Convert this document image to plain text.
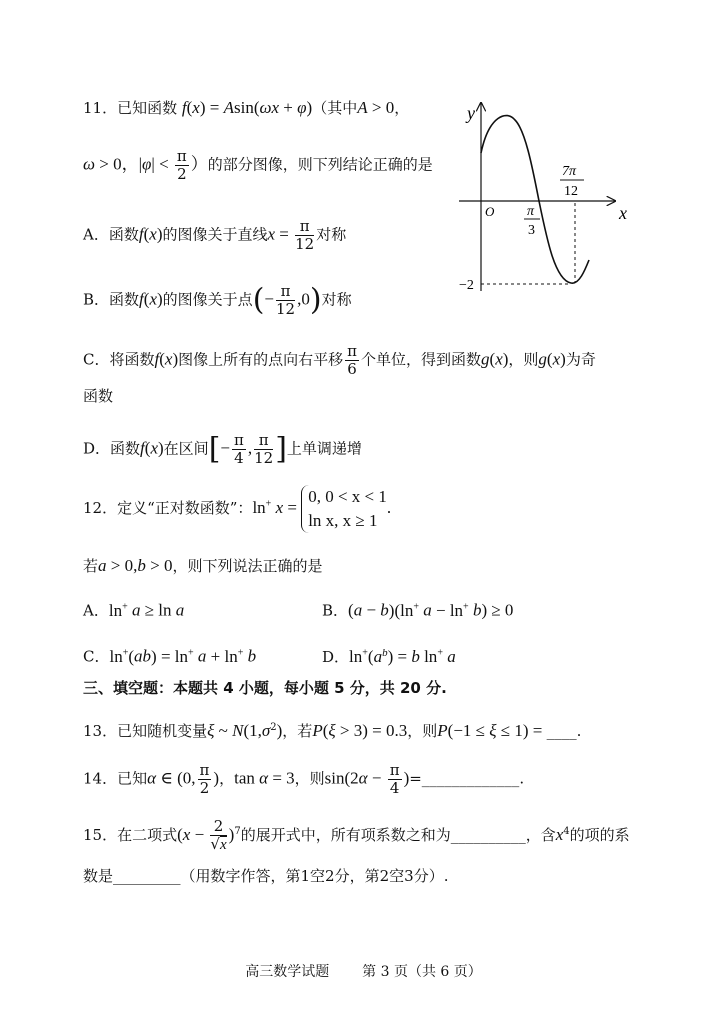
11．已知函数 f(x) = Asin(ωx + φ)（其中A > 0，
ω > 0，$|\varphi| < \frac{\pi}{2}$ ）的部分图像，则下列结论正确的是
A．函数f(x)的图像关于直线$x = \frac{\pi}{12}$ 对称
B．函数f(x)的图像关于点(− $\frac{\pi}{12} ,0$)对称
C．将函数f(x)图像上所有的点向右平移 $\frac{\pi}{6}$ 个单位，得到函数g(x)，则g(x)为奇
函数
D．函数f(x)在区间[− $\frac{\pi}{4}$ , $\frac{\pi}{12}$ ]上单调递增
y
x
O π
3
7π
12
−2
12．定义“正对数函数”：ln+ x =
0, 0 < x < 1
ln x, x ≥ 1
.
若a > 0,b > 0，则下列说法正确的是
A．ln+ a ≥ ln a	B．(a − b)(ln+ a − ln+ b) ≥ 0
C．ln+(ab) = ln+ a + ln+ b	D．$\ln^+(a^b) = b$ ln+ a
三、填空题：本题共 4 小题，每小题 5 分，共 20 分.
13．已知随机变量ξ ~ $N(1,\sigma^2)$，若P(ξ > 3) = 0.3，则P(−1 ≤ ξ ≤ 1) = ____.
14．已知α ∈ (0, $\frac{\pi}{2}$ )，tan α = 3，则$\sin(2\alpha - \frac{\pi}{4}$ )=_____________.
15．在二项式$(x - \frac{2}{√x} )^7$的展开式中，所有项系数之和为__________，含$x^4$的项的系
数是_________（用数字作答，第1空2分，第2空3分）.
高三数学试题 第 3 页（共 6 页）
